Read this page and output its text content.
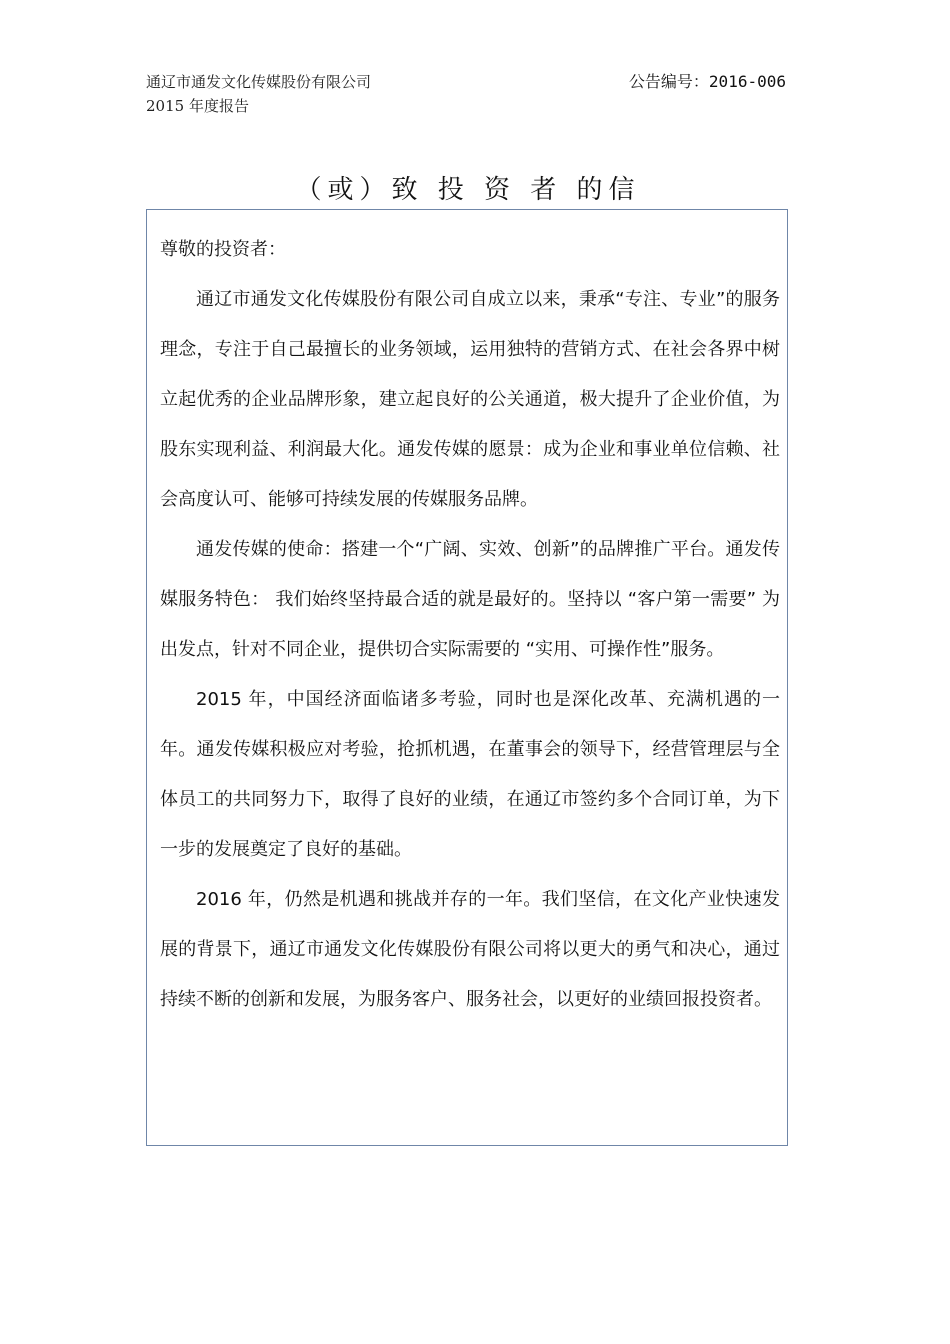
通辽市通发文化传媒股份有限公司
2015 年度报告
公告编号：2016-006
（或）致 投 资 者 的信

尊敬的投资者：

通辽市通发文化传媒股份有限公司自成立以来，秉承“专注、专业”的服务理念，专注于自己最擅长的业务领域，运用独特的营销方式、在社会各界中树立起优秀的企业品牌形象，建立起良好的公关通道，极大提升了企业价值，为股东实现利益、利润最大化。通发传媒的愿景：成为企业和事业单位信赖、社会高度认可、能够可持续发展的传媒服务品牌。

通发传媒的使命：搭建一个“广阔、实效、创新”的品牌推广平台。通发传媒服务特色： 我们始终坚持最合适的就是最好的。坚持以 “客户第一需要” 为出发点，针对不同企业，提供切合实际需要的 “实用、可操作性”服务。

2015 年，中国经济面临诸多考验，同时也是深化改革、充满机遇的一年。通发传媒积极应对考验，抢抓机遇，在董事会的领导下，经营管理层与全体员工的共同努力下，取得了良好的业绩，在通辽市签约多个合同订单，为下一步的发展奠定了良好的基础。

2016 年，仍然是机遇和挑战并存的一年。我们坚信，在文化产业快速发展的背景下，通辽市通发文化传媒股份有限公司将以更大的勇气和决心，通过持续不断的创新和发展，为服务客户、服务社会，以更好的业绩回报投资者。
